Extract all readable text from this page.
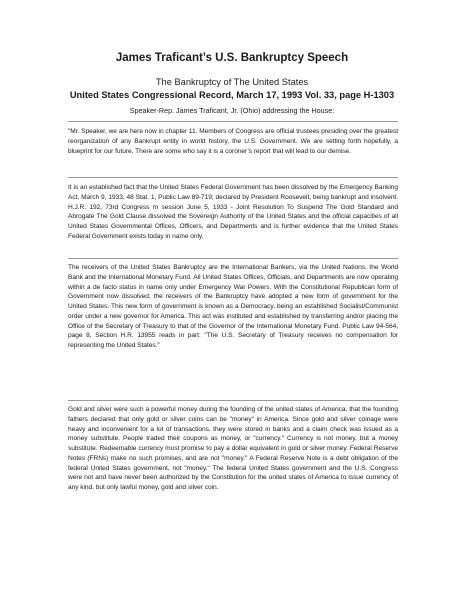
James Traficant’s U.S. Bankruptcy Speech
The Bankruptcy of The United States
United States Congressional Record, March 17, 1993 Vol. 33, page H-1303
Speaker-Rep. James Traficant, Jr. (Ohio) addressing the House:

"Mr. Speaker, we are here now in chapter 11. Members of Congress are official trustees presiding over the greatest reorganization of any Bankrupt entity in world history, the U.S. Government. We are setting forth hopefully, a blueprint for our future. There are some who say it is a coroner’s report that will lead to our demise.

It is an established fact that the United States Federal Government has been dissolved by the Emergency Banking Act, March 9, 1933, 48 Stat. 1, Public Law 89-719; declared by President Roosevelt, being bankrupt and insolvent. H.J.R. 192, 73rd Congress m session June 5, 1933 - Joint Resolution To Suspend The Gold Standard and Abrogate The Gold Clause dissolved the Sovereign Authority of the United States and the official capacities of all United States Governmental Offices, Officers, and Departments and is further evidence that the United States Federal Government exists today in name only.

The receivers of the United States Bankruptcy are the International Bankers, via the United Nations, the World Bank and the International Monetary Fund. All United States Offices, Officials, and Departments are now operating within a de facto status in name only under Emergency War Powers. With the Constitutional Republican form of Government now dissolved, the receivers of the Bankruptcy have adopted a new form of government for the United States. This new form of government is known as a Democracy, being an established Socialist/Communist order under a new governor for America. This act was instituted and established by transferring and/or placing the Office of the Secretary of Treasury to that of the Governor of the International Monetary Fund. Public Law 94-564, page 8, Section H.R. 13955 reads in part: "The U.S. Secretary of Treasury receives no compensation for representing the United States."

Gold and silver were such a powerful money during the founding of the united states of America, that the founding fathers declared that only gold or silver coins can be "money" in America. Since gold and silver coinage were heavy and inconvenient for a lot of transactions, they were stored in banks and a claim check was issued as a money substitute. People traded their coupons as money, or "currency." Currency is not money, but a money substitute. Redeemable currency must promise to pay a dollar equivalent in gold or silver money. Federal Reserve Notes (FRNs) make no such promises, and are not "money." A Federal Reserve Note is a debt obligation of the federal United States government, not "money." The federal United States government and the U.S. Congress were not and have never been authorized by the Constitution for the united states of America to issue currency of any kind, but only lawful money, gold and silver coin.
